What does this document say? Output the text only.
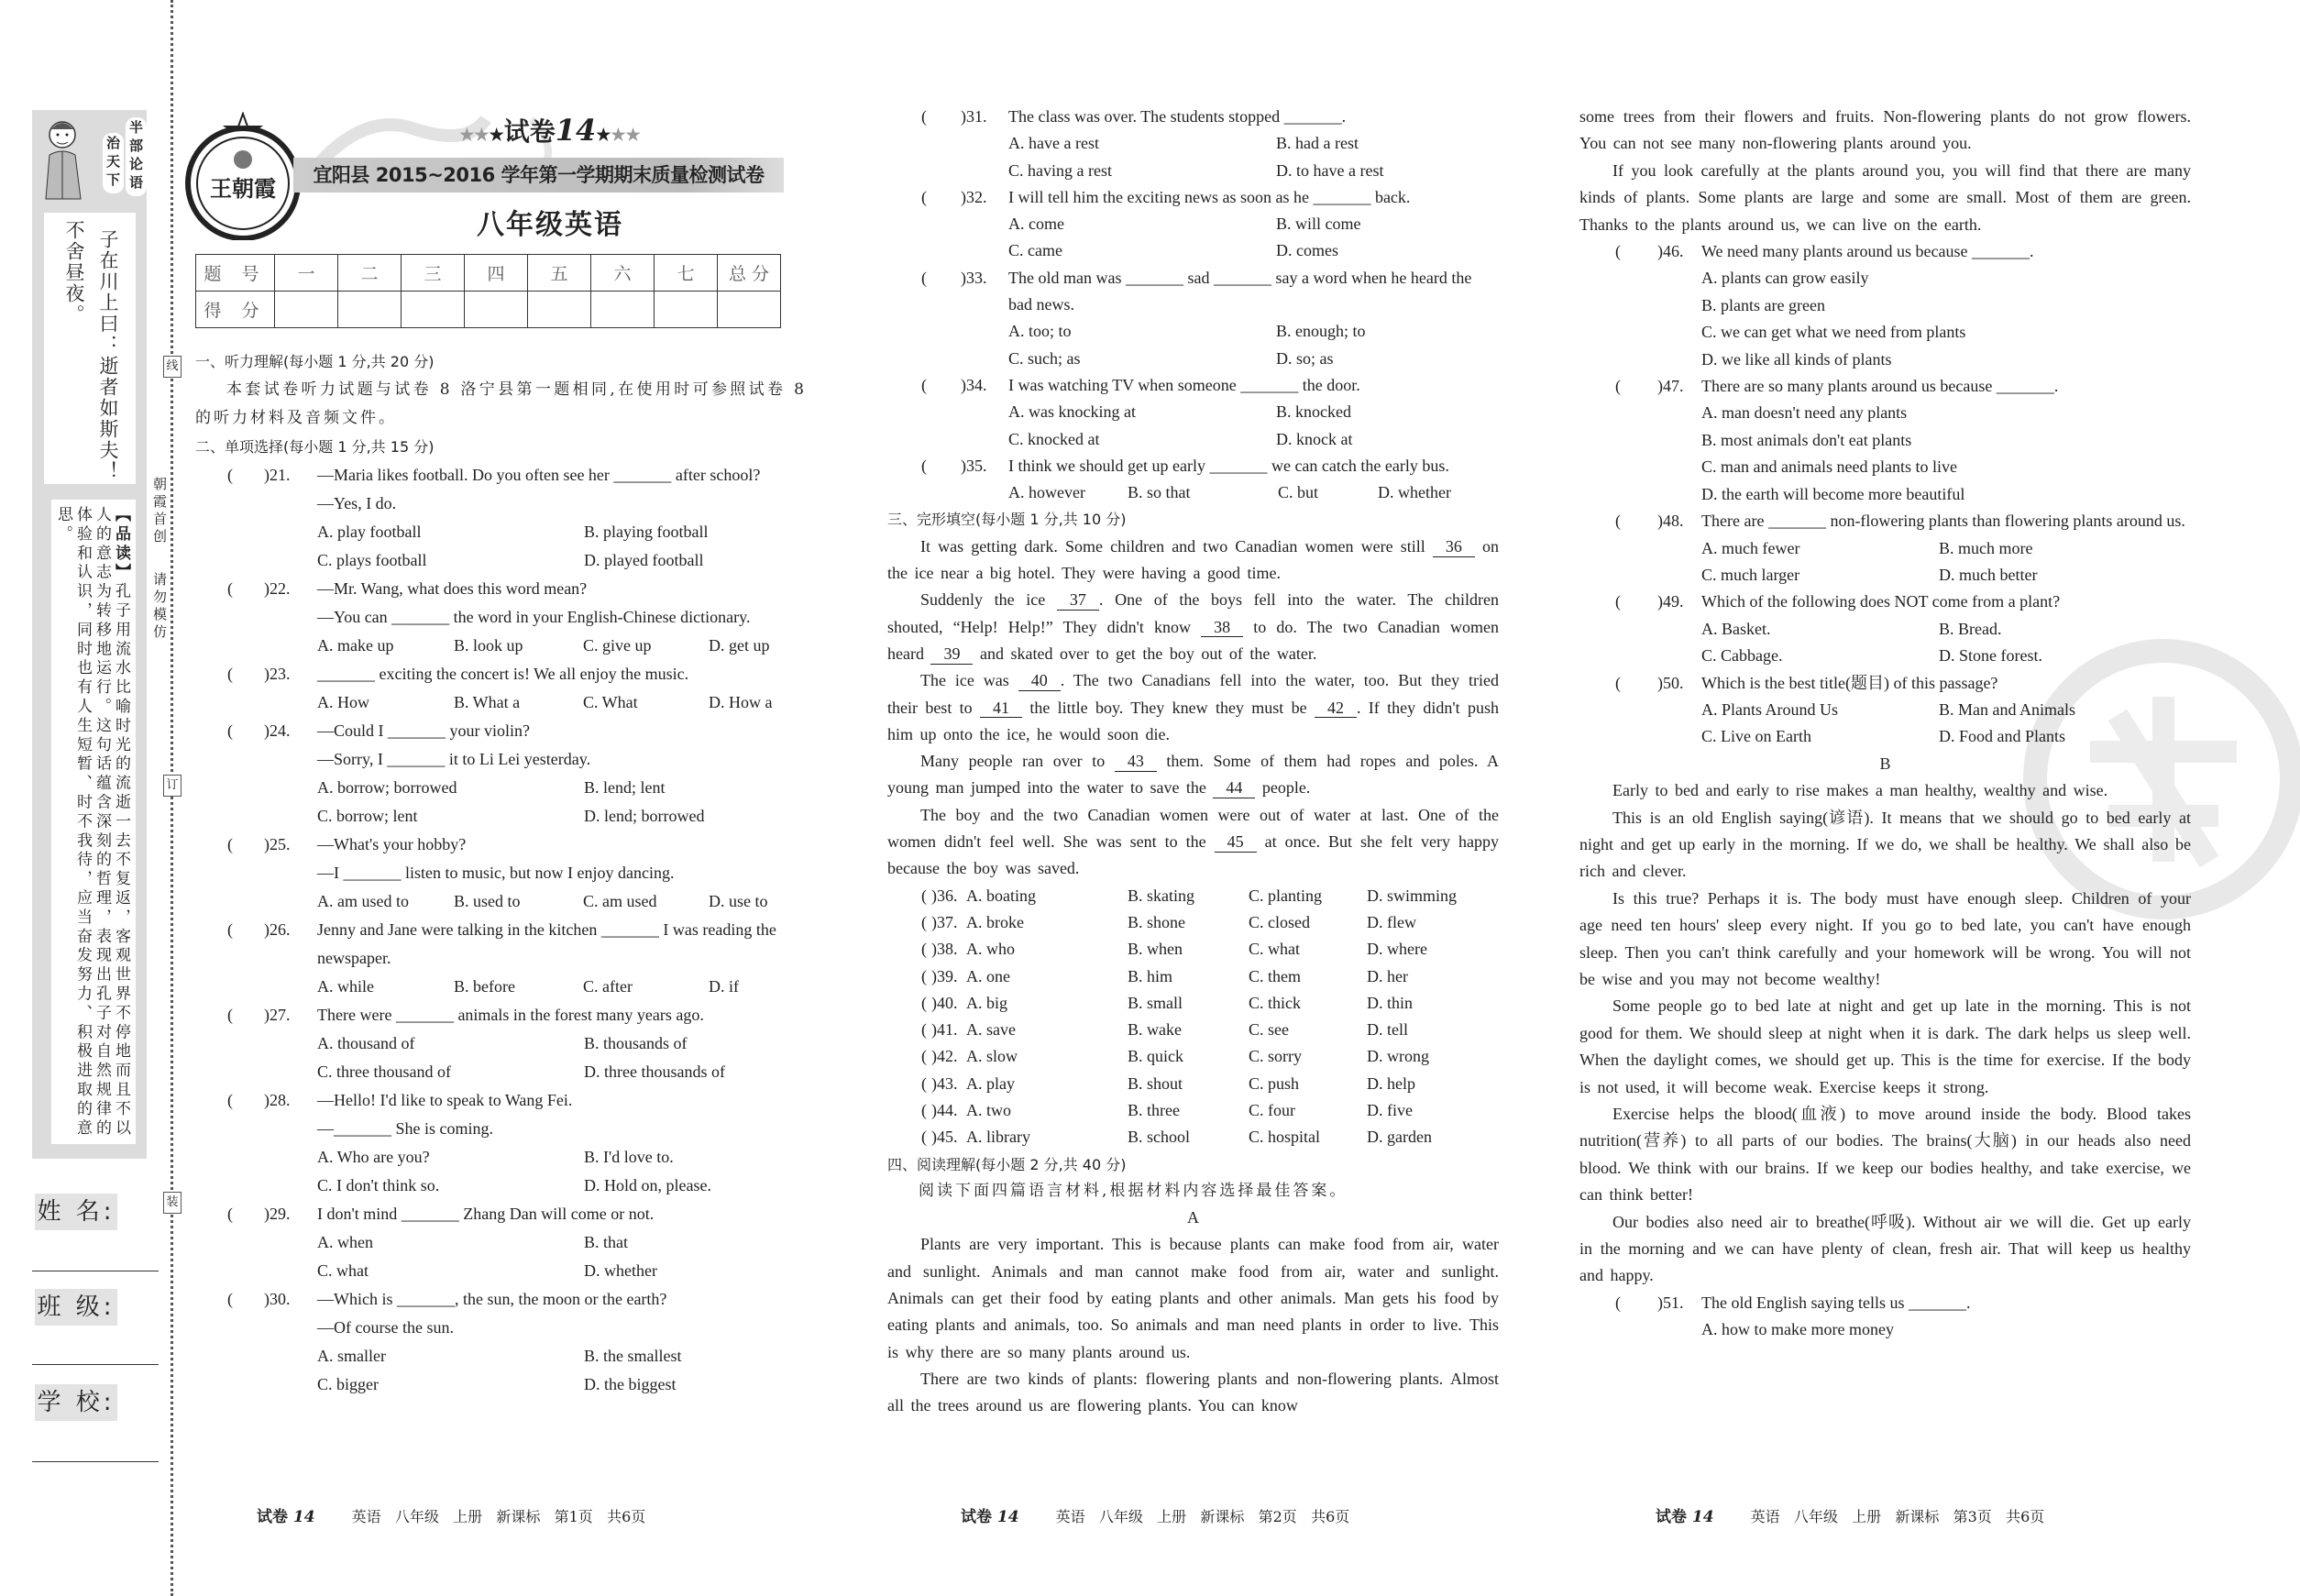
半部论语
治天下
子在川上曰：逝者如斯夫！
不舍昼夜。
【品读】孔子用流水比喻时光的流逝一去不复返，客观世界不停地而且不以人的意志为转移地运行。这句话蕴含深刻的哲理，表现出孔子对自然规律的体验和认识，同时也有人生短暂、时不我待，应当奋发努力、积极进取的意思。
姓 名:
班 级:
学 校:
线
订
装
朝霞首创
请勿模仿
王朝霞
★★★试卷14★★★
宜阳县 2015~2016 学年第一学期期末质量检测试卷
八年级英语
题 号	一	二	三	四	五	六	七	总 分
得 分								
一、听力理解(每小题 1 分,共 20 分)
本套试卷听力试题与试卷 8 洛宁县第一题相同,在使用时可参照试卷 8 的听力材料及音频文件。
二、单项选择(每小题 1 分,共 15 分)
) ( 21 . —Maria likes football. Do you often see her _______ after school?
—Yes, I do.
A. play football	B. playing football
C. plays football	D. played football
) ( 22 . —Mr. Wang, what does this word mean?
—You can _______ the word in your English-Chinese dictionary.
A. make up	B. look up	C. give up	D. get up
) ( 23 . _______ exciting the concert is! We all enjoy the music.
A. How	B. What a	C. What	D. How a
) ( 24 . —Could I _______ your violin?
—Sorry, I _______ it to Li Lei yesterday.
A. borrow; borrowed	B. lend; lent
C. borrow; lent	D. lend; borrowed
) ( 25 . —What's your hobby?
—I _______ listen to music, but now I enjoy dancing.
A. am used to	B. used to	C. am used	D. use to
) ( 26 . Jenny and Jane were talking in the kitchen _______ I was reading the newspaper.
A. while	B. before	C. after	D. if
) ( 27 . There were _______ animals in the forest many years ago.
A. thousand of	B. thousands of
C. three thousand of	D. three thousands of
) ( 28 . —Hello! I'd like to speak to Wang Fei.
—_______ She is coming.
A. Who are you?	B. I'd love to.
C. I don't think so.	D. Hold on, please.
) ( 29 . I don't mind _______ Zhang Dan will come or not.
A. when	B. that
C. what	D. whether
) ( 30 . —Which is _______, the sun, the moon or the earth?
—Of course the sun.
A. smaller	B. the smallest
C. bigger	D. the biggest
) ( 31 . The class was over. The students stopped _______.
A. have a rest	B. had a rest
C. having a rest	D. to have a rest
) ( 32 . I will tell him the exciting news as soon as he _______ back.
A. come	B. will come
C. came	D. comes
) ( 33 . The old man was _______ sad _______ say a word when he heard the bad news.
A. too; to	B. enough; to
C. such; as	D. so; as
) ( 34 . I was watching TV when someone _______ the door.
A. was knocking at	B. knocked
C. knocked at	D. knock at
) ( 35 . I think we should get up early _______ we can catch the early bus.
A. however	B. so that	C. but	D. whether
三、完形填空(每小题 1 分,共 10 分)
It was getting dark. Some children and two Canadian women were still 36 on the ice near a big hotel. They were having a good time.
Suddenly the ice 37 . One of the boys fell into the water. The children shouted, “Help! Help!” They didn't know 38 to do. The two Canadian women heard 39 and skated over to get the boy out of the water.
The ice was 40 . The two Canadians fell into the water, too. But they tried their best to 41 the little boy. They knew they must be 42 . If they didn't push him up onto the ice, he would soon die.
Many people ran over to 43 them. Some of them had ropes and poles. A young man jumped into the water to save the 44 people.
The boy and the two Canadian women were out of water at last. One of the women didn't feel well. She was sent to the 45 at once. But she felt very happy because the boy was saved.
) ( 36 . A. boating	B. skating	C. planting	D. swimming
) ( 37 . A. broke	B. shone	C. closed	D. flew
) ( 38 . A. who	B. when	C. what	D. where
) ( 39 . A. one	B. him	C. them	D. her
) ( 40 . A. big	B. small	C. thick	D. thin
) ( 41 . A. save	B. wake	C. see	D. tell
) ( 42 . A. slow	B. quick	C. sorry	D. wrong
) ( 43 . A. play	B. shout	C. push	D. help
) ( 44 . A. two	B. three	C. four	D. five
) ( 45 . A. library	B. school	C. hospital	D. garden
四、阅读理解(每小题 2 分,共 40 分)
阅读下面四篇语言材料,根据材料内容选择最佳答案。
A
Plants are very important. This is because plants can make food from air, water and sunlight. Animals and man cannot make food from air, water and sunlight. Animals can get their food by eating plants and other animals. Man gets his food by eating plants and animals, too. So animals and man need plants in order to live. This is why there are so many plants around us.
There are two kinds of plants: flowering plants and non-flowering plants. Almost all the trees around us are flowering plants. You can know
some trees from their flowers and fruits. Non-flowering plants do not grow flowers. You can not see many non-flowering plants around you.
If you look carefully at the plants around you, you will find that there are many kinds of plants. Some plants are large and some are small. Most of them are green. Thanks to the plants around us, we can live on the earth.
) ( 46 . We need many plants around us because _______.
A. plants can grow easily
B. plants are green
C. we can get what we need from plants
D. we like all kinds of plants
) ( 47 . There are so many plants around us because _______.
A. man doesn't need any plants
B. most animals don't eat plants
C. man and animals need plants to live
D. the earth will become more beautiful
) ( 48 . There are _______ non-flowering plants than flowering plants around us.
A. much fewer	B. much more
C. much larger	D. much better
) ( 49 . Which of the following does NOT come from a plant?
A. Basket.	B. Bread.
C. Cabbage.	D. Stone forest.
) ( 50 . Which is the best title(题目) of this passage?
A. Plants Around Us	B. Man and Animals
C. Live on Earth	D. Food and Plants
B
Early to bed and early to rise makes a man healthy, wealthy and wise.
This is an old English saying(谚语). It means that we should go to bed early at night and get up early in the morning. If we do, we shall be healthy. We shall also be rich and clever.
Is this true? Perhaps it is. The body must have enough sleep. Children of your age need ten hours' sleep every night. If you go to bed late, you can't have enough sleep. Then you can't think carefully and your homework will be wrong. You will not be wise and you may not become wealthy!
Some people go to bed late at night and get up late in the morning. This is not good for them. We should sleep at night when it is dark. The dark helps us sleep well. When the daylight comes, we should get up. This is the time for exercise. If the body is not used, it will become weak. Exercise keeps it strong.
Exercise helps the blood(血液) to move around inside the body. Blood takes nutrition(营养) to all parts of our bodies. The brains(大脑) in our heads also need blood. We think with our brains. If we keep our bodies healthy, and take exercise, we can think better!
Our bodies also need air to breathe(呼吸). Without air we will die. Get up early in the morning and we can have plenty of clean, fresh air. That will keep us healthy and happy.
) ( 51 . The old English saying tells us _______.
A. how to make more money
试卷 14	英语   八年级   上册   新课标   第1页   共6页	试卷 14	英语   八年级   上册   新课标   第2页   共6页	试卷 14	英语   八年级   上册   新课标   第3页   共6页
